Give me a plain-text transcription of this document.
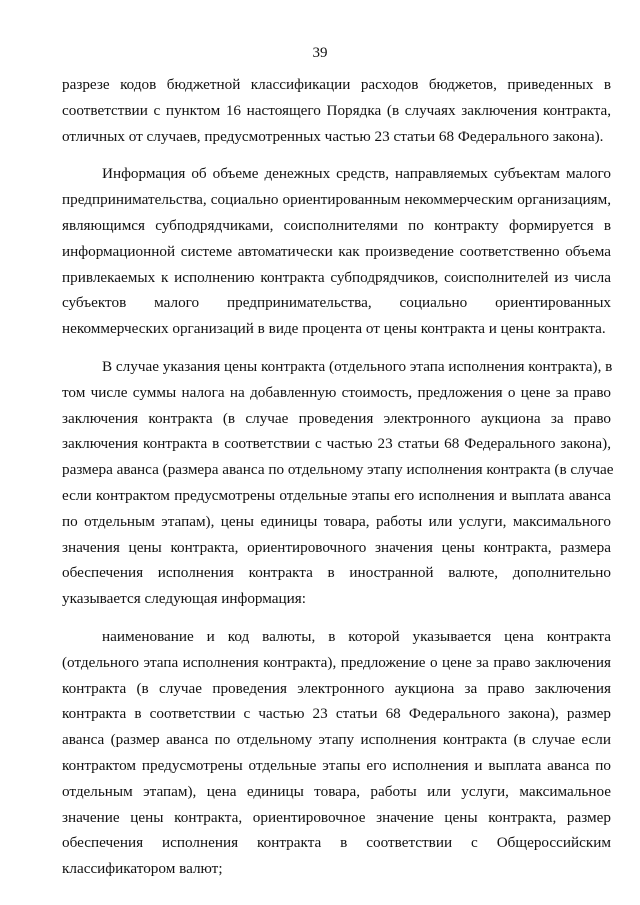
39
разрезе кодов бюджетной классификации расходов бюджетов, приведенных в
соответствии с пунктом 16 настоящего Порядка (в случаях заключения контракта,
отличных от случаев, предусмотренных частью 23 статьи 68 Федерального закона).
Информация об объеме денежных средств, направляемых субъектам малого
предпринимательства, социально ориентированным некоммерческим организациям,
являющимся субподрядчиками, соисполнителями по контракту формируется в
информационной системе автоматически как произведение соответственно объема
привлекаемых к исполнению контракта субподрядчиков, соисполнителей из числа
субъектов малого предпринимательства, социально ориентированных
некоммерческих организаций в виде процента от цены контракта и цены контракта.
В случае указания цены контракта (отдельного этапа исполнения контракта), в
том числе суммы налога на добавленную стоимость, предложения о цене за право
заключения контракта (в случае проведения электронного аукциона за право
заключения контракта в соответствии с частью 23 статьи 68 Федерального закона),
размера аванса (размера аванса по отдельному этапу исполнения контракта (в случае
если контрактом предусмотрены отдельные этапы его исполнения и выплата аванса
по отдельным этапам), цены единицы товара, работы или услуги, максимального
значения цены контракта, ориентировочного значения цены контракта, размера
обеспечения исполнения контракта в иностранной валюте, дополнительно
указывается следующая информация:
наименование и код валюты, в которой указывается цена контракта
(отдельного этапа исполнения контракта), предложение о цене за право заключения
контракта (в случае проведения электронного аукциона за право заключения
контракта в соответствии с частью 23 статьи 68 Федерального закона), размер
аванса (размер аванса по отдельному этапу исполнения контракта (в случае если
контрактом предусмотрены отдельные этапы его исполнения и выплата аванса по
отдельным этапам), цена единицы товара, работы или услуги, максимальное
значение цены контракта, ориентировочное значение цены контракта, размер
обеспечения исполнения контракта в соответствии с Общероссийским
классификатором валют;
